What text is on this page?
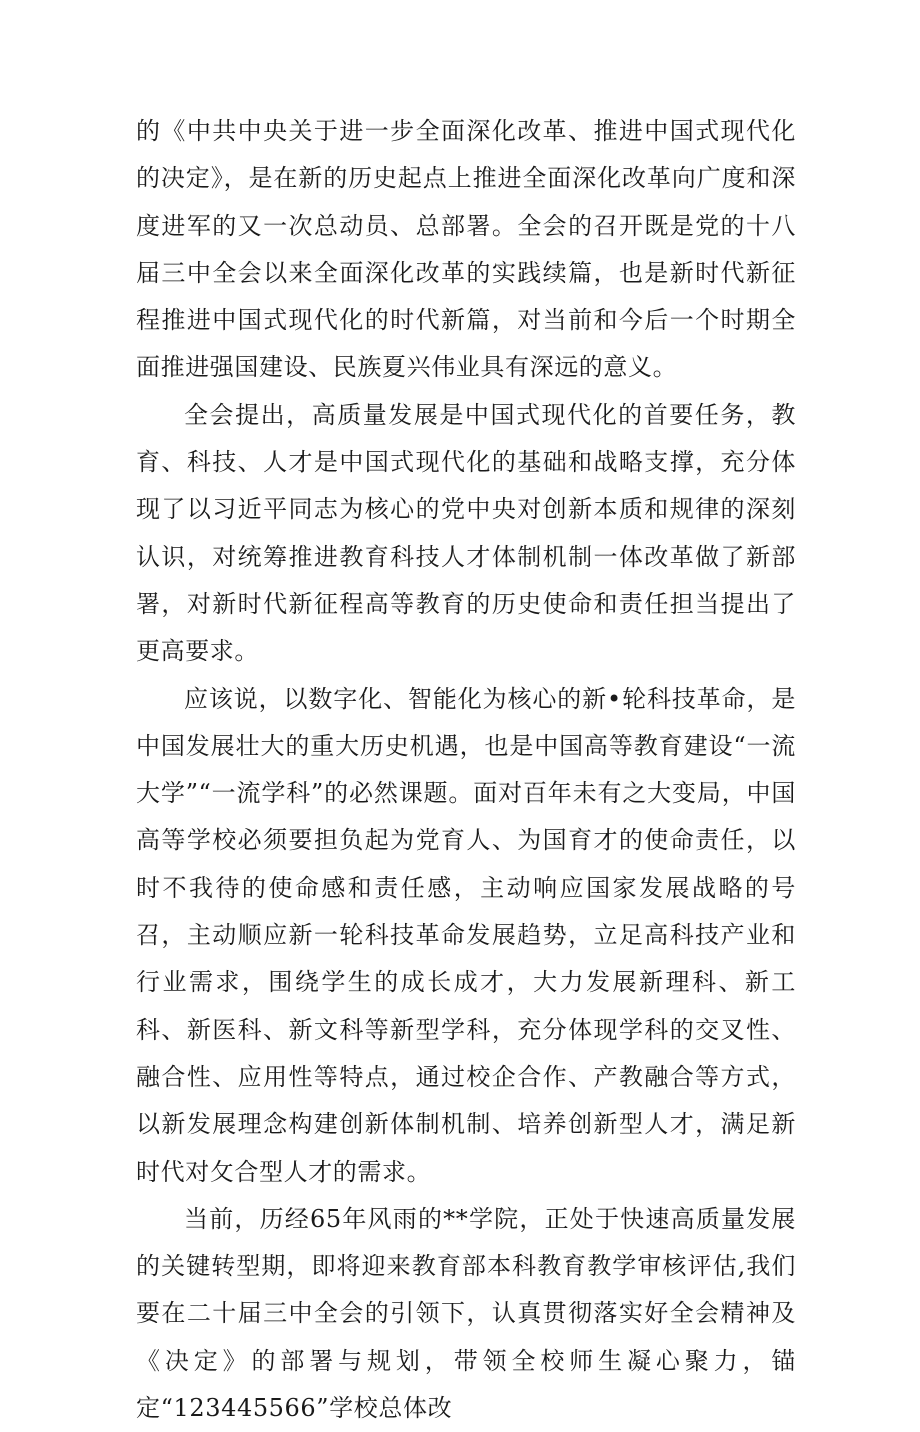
的《中共中央关于进一步全面深化改革、推进中国式现代化的决定》，是在新的历史起点上推进全面深化改革向广度和深度进军的又一次总动员、总部署。全会的召开既是党的十八届三中全会以来全面深化改革的实践续篇，也是新时代新征程推进中国式现代化的时代新篇，对当前和今后一个时期全面推进强国建设、民族夏兴伟业具有深远的意义。

全会提出，高质量发展是中国式现代化的首要任务，教育、科技、人才是中国式现代化的基础和战略支撑，充分体现了以习近平同志为核心的党中央对创新本质和规律的深刻认识，对统筹推进教育科技人才体制机制一体改革做了新部署，对新时代新征程高等教育的历史使命和责任担当提出了更高要求。

应该说，以数字化、智能化为核心的新•轮科技革命，是中国发展壮大的重大历史机遇，也是中国高等教育建设“一流大学”“一流学科”的必然课题。面对百年未有之大变局，中国高等学校必须要担负起为党育人、为国育才的使命责任，以时不我待的使命感和责任感，主动响应国家发展战略的号召，主动顺应新一轮科技革命发展趋势，立足高科技产业和行业需求，围绕学生的成长成才，大力发展新理科、新工科、新医科、新文科等新型学科，充分体现学科的交叉性、融合性、应用性等特点，通过校企合作、产教融合等方式，以新发展理念构建创新体制机制、培养创新型人才，满足新时代对攵合型人才的需求。

当前，历经65年风雨的**学院，正处于快速高质量发展的关键转型期，即将迎来教育部本科教育教学审核评估,我们要在二十届三中全会的引领下，认真贯彻落实好全会精神及《决定》的部署与规划，带领全校师生凝心聚力，锚定“123445566”学校总体改
